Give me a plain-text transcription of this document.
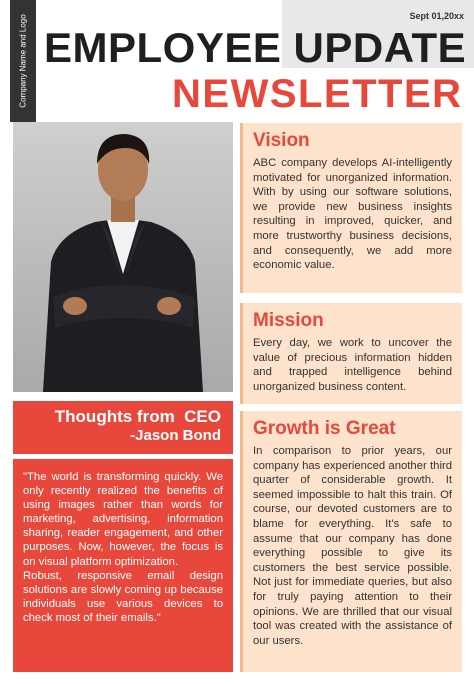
Company Name and Logo	Sept 01,20xx
EMPLOYEE UPDATE
NEWSLETTER
Vision

ABC company develops AI-intelligently motivated for unorganized information. With by using our software solutions, we provide new business insights resulting in improved, quicker, and more trustworthy business decisions, and consequently, we add more economic value.

Mission

Every day, we work to uncover the value of precious information hidden and trapped intelligence behind unorganized business content.

Growth is Great

In comparison to prior years, our company has experienced another third quarter of considerable growth. It seemed impossible to halt this train. Of course, our devoted customers are to blame for everything. It's safe to assume that our company has done everything possible to give its customers the best service possible. Not just for immediate queries, but also for truly paying attention to their opinions. We are thrilled that our visual tool was created with the assistance of our users.

Thoughts from  CEO
-Jason Bond

"The world is transforming quickly. We only recently realized the benefits of using images rather than words for marketing, advertising, information sharing, reader engagement, and other purposes. Now, however, the focus is on visual platform optimization.

Robust, responsive email design solutions are slowly coming up because individuals use various devices to check most of their emails."
